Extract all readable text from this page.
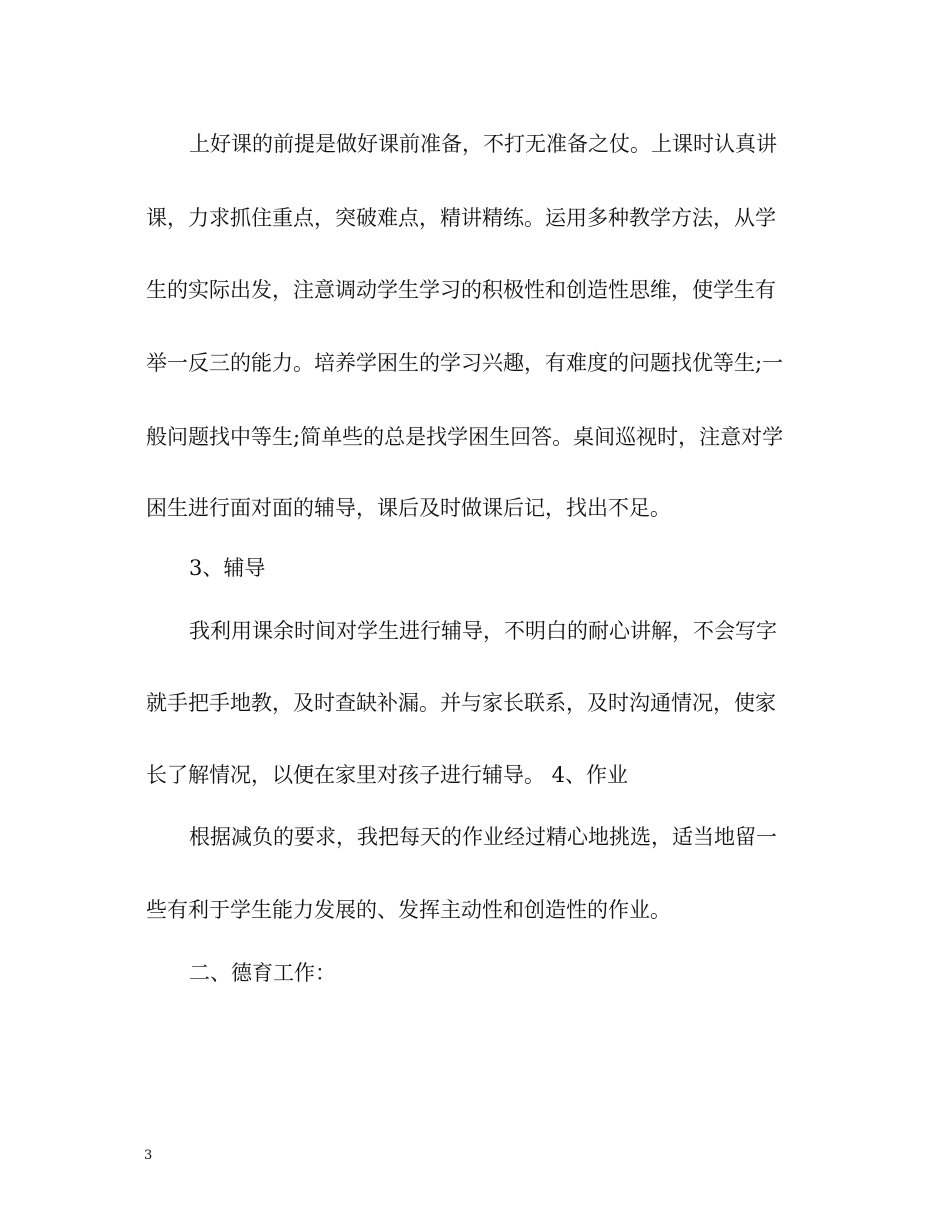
上好课的前提是做好课前准备，不打无准备之仗。上课时认真讲

课，力求抓住重点，突破难点，精讲精练。运用多种教学方法，从学

生的实际出发，注意调动学生学习的积极性和创造性思维，使学生有

举一反三的能力。培养学困生的学习兴趣，有难度的问题找优等生;一

般问题找中等生;简单些的总是找学困生回答。桌间巡视时，注意对学

困生进行面对面的辅导，课后及时做课后记，找出不足。

3、辅导

我利用课余时间对学生进行辅导，不明白的耐心讲解，不会写字

就手把手地教，及时查缺补漏。并与家长联系，及时沟通情况，使家

长了解情况，以便在家里对孩子进行辅导。 4、作业

根据减负的要求，我把每天的作业经过精心地挑选，适当地留一

些有利于学生能力发展的、发挥主动性和创造性的作业。

二、德育工作：

3
